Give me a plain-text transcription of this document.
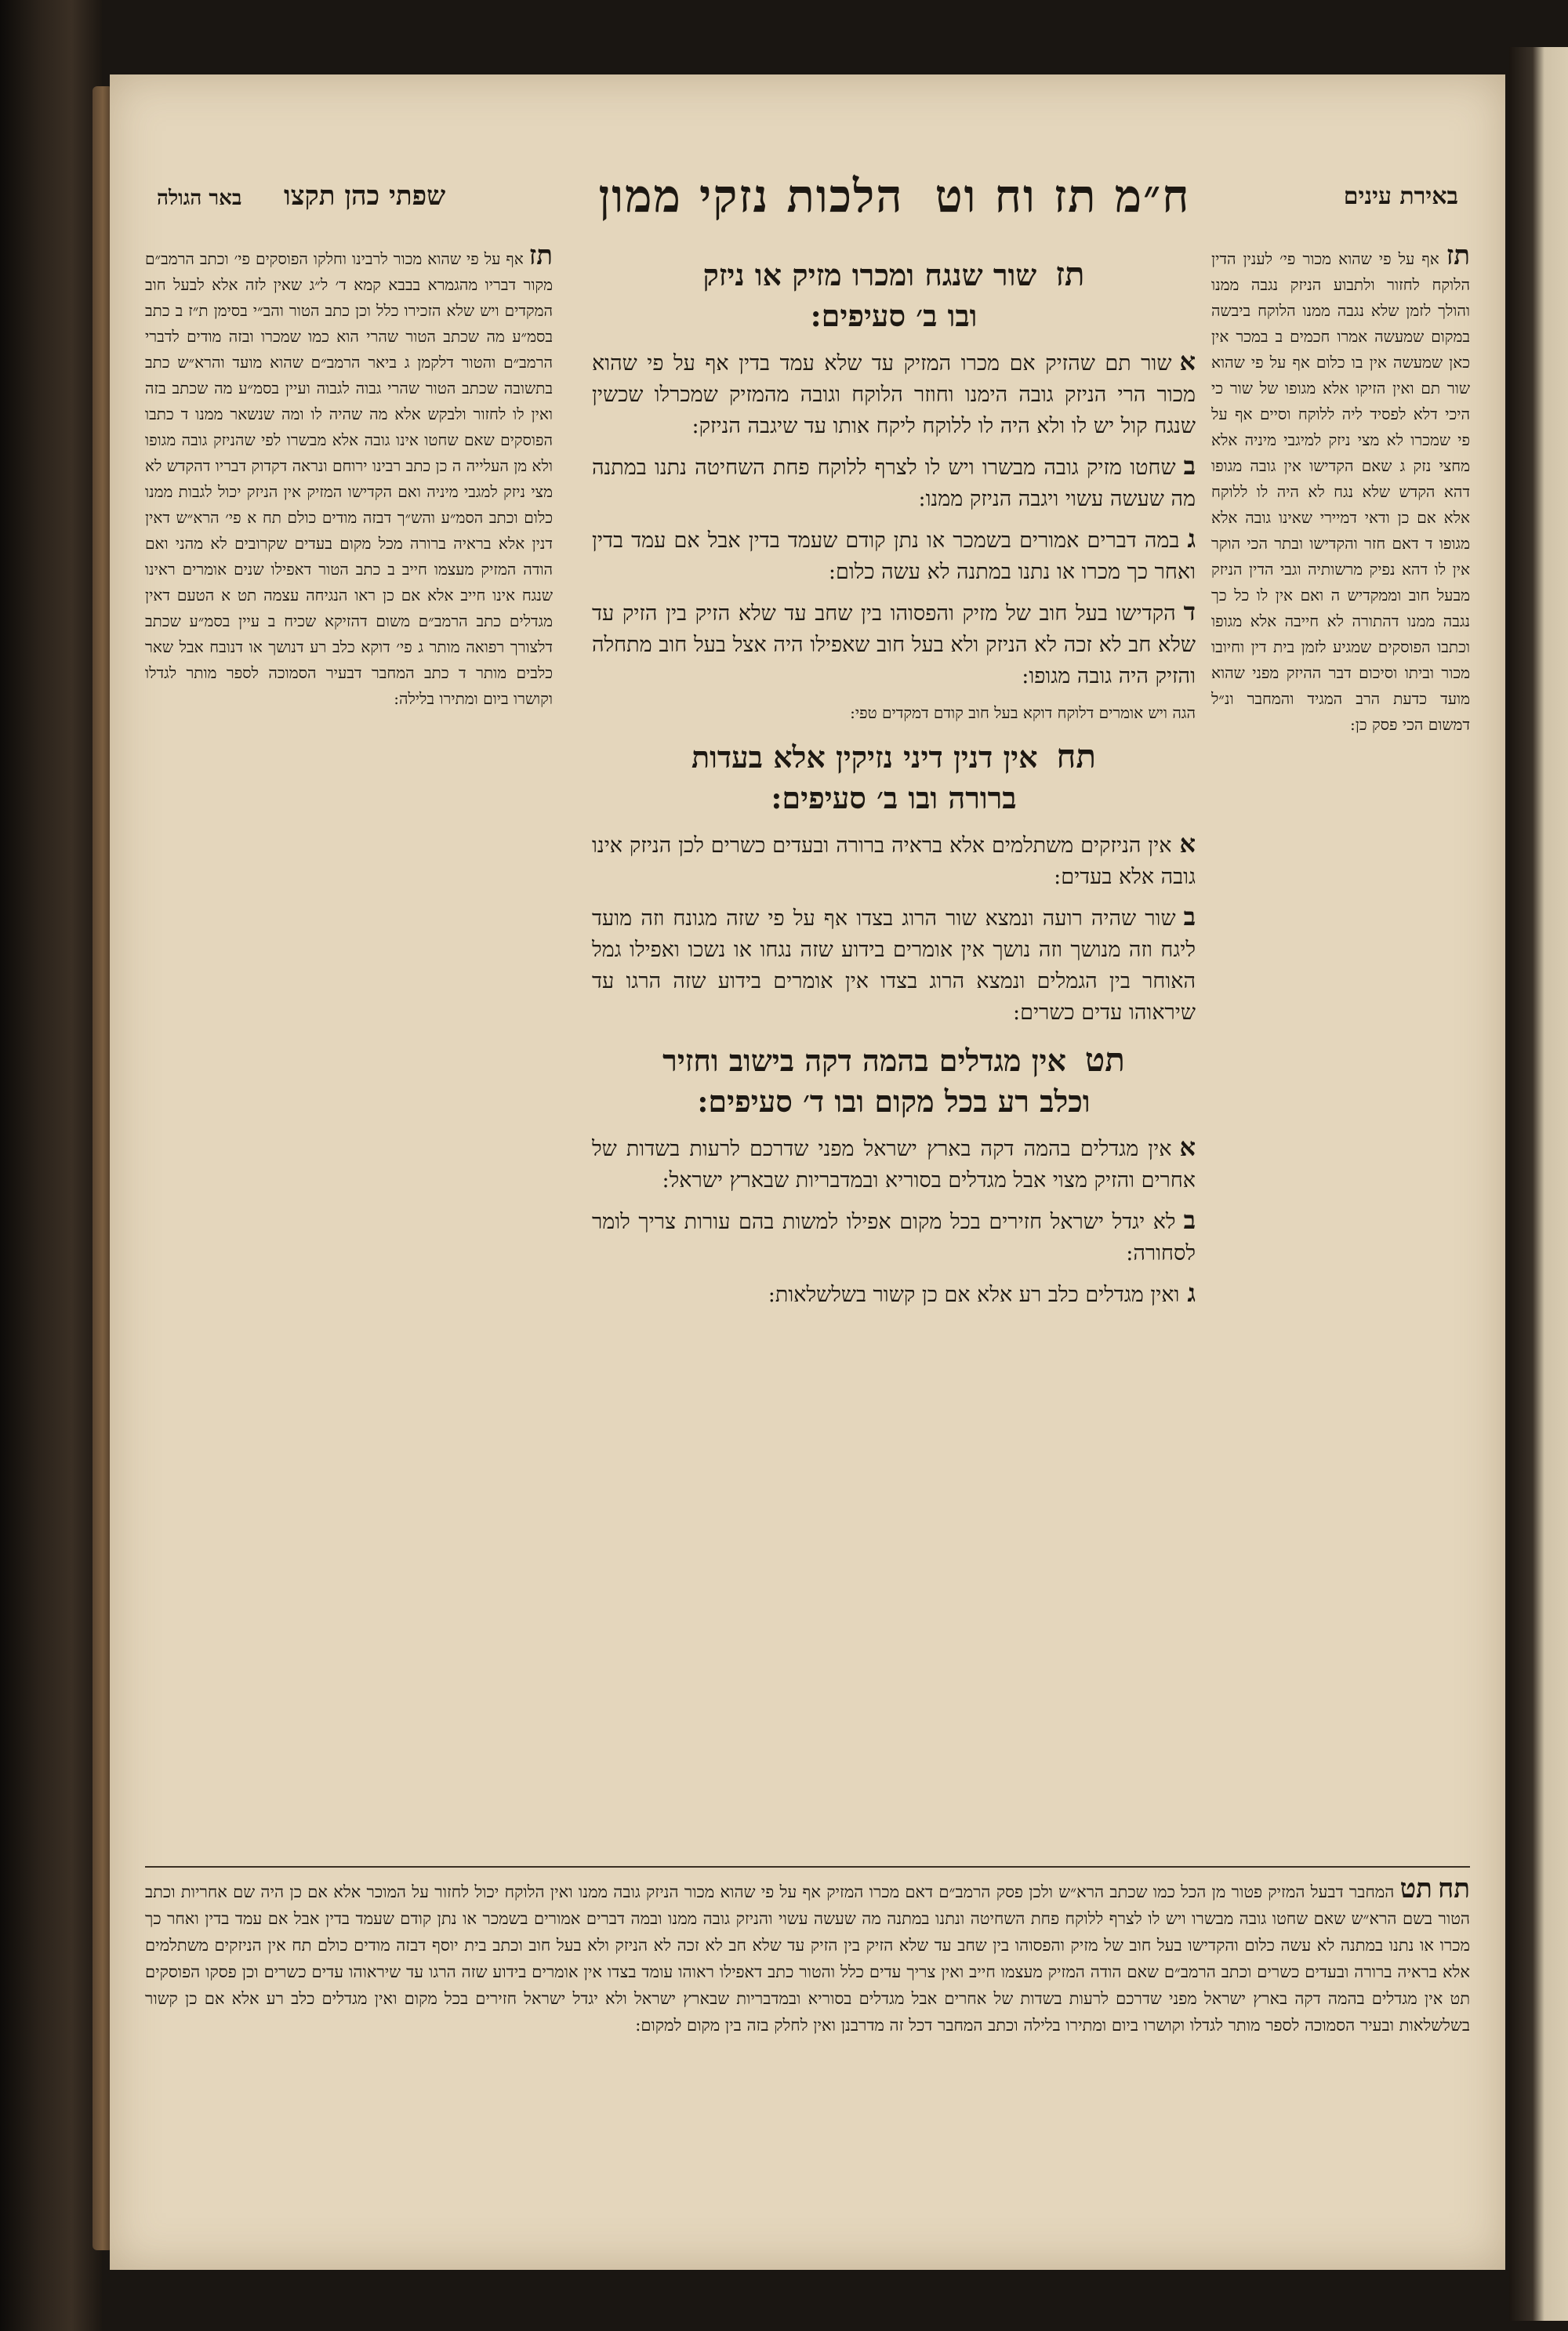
באירת עינים
ח״מ תז וח וטהלכות נזקי ממון
שפתי כהן תקצו  באר הגולה
תז אף על פי שהוא מכור פי׳ לענין הדין הלוקח לחזור ולתבוע הניזק נגבה ממנו והולך לזמן שלא נגבה ממנו הלוקח ביבשה במקום שמעשה אמרו חכמים ב במכר אין כאן שמעשה אין בו כלום אף על פי שהוא שור תם ואין הזיקו אלא מגופו של שור כי היכי דלא לפסיד ליה ללוקח וסיים אף על פי שמכרו לא מצי ניזק למיגבי מיניה אלא מחצי נזק ג שאם הקדישו אין גובה מגופו דהא הקדש שלא נגח לא היה לו ללוקח אלא אם כן ודאי דמיירי שאינו גובה אלא מגופו ד דאם חזר והקדישו ובתר הכי הוקר אין לו דהא נפיק מרשותיה וגבי הדין הניזק מבעל חוב וממקדיש ה ואם אין לו כל כך נגבה ממנו דהתורה לא חייבה אלא מגופו וכתבו הפוסקים שמגיע לזמן בית דין וחיובו מכור וביתו וסיכום דבר ההיזק מפני שהוא מועד כדעת הרב המגיד והמחבר ונ״ל דמשום הכי פסק כן:
תזשור שנגח ומכרו מזיק או ניזק
ובו ב׳ סעיפים:

אשור תם שהזיק אם מכרו המזיק עד שלא עמד בדין אף על פי שהוא מכור הרי הניזק גובה הימנו וחוזר הלוקח וגובה מהמזיק שמכרלו שכשין שנגח קול יש לו ולא היה לו ללוקח ליקח אותו עד שיגבה הניזק:

בשחטו מזיק גובה מבשרו ויש לו לצרף ללוקח פחת השחיטה נתנו במתנה מה שעשה עשוי ויגבה הניזק ממנו:

גבמה דברים אמורים בשמכר או נתן קודם שעמד בדין אבל אם עמד בדין ואחר כך מכרו או נתנו במתנה לא עשה כלום:

דהקדישו בעל חוב של מזיק והפסוהו בין שחב עד שלא הזיק בין הזיק עד שלא חב לא זכה לא הניזק ולא בעל חוב שאפילו היה אצל בעל חוב מתחלה והזיק היה גובה מגופו:

הגה ויש אומרים דלוקח דוקא בעל חוב קודם דמקדים טפי:

תחאין דנין דיני נזיקין אלא בעדות
ברורה ובו ב׳ סעיפים:

אאין הניזקים משתלמים אלא בראיה ברורה ובעדים כשרים לכן הניזק אינו גובה אלא בעדים:

בשור שהיה רועה ונמצא שור הרוג בצדו אף על פי שזה מגונח וזה מועד ליגח וזה מנושך וזה נושך אין אומרים בידוע שזה נגחו או נשכו ואפילו גמל האוחר בין הגמלים ונמצא הרוג בצדו אין אומרים בידוע שזה הרגו עד שיראוהו עדים כשרים:

תטאין מגדלים בהמה דקה בישוב וחזיר
וכלב רע בכל מקום ובו ד׳ סעיפים:

אאין מגדלים בהמה דקה בארץ ישראל מפני שדרכם לרעות בשדות של אחרים והזיק מצוי אבל מגדלים בסוריא ובמדבריות שבארץ ישראל:

בלא יגדל ישראל חזירים בכל מקום אפילו למשות בהם עורות צריך לומר לסחורה:

גואין מגדלים כלב רע אלא אם כן קשור בשלשלאות:

תז אף על פי שהוא מכור לרבינו וחלקו הפוסקים פי׳ וכתב הרמב״ם מקור דבריו מהגמרא בבבא קמא ד׳ ל״ג שאין לזה אלא לבעל חוב המקדים ויש שלא הזכירו כלל וכן כתב הטור והב״י בסימן ת״ז ב כתב בסמ״ע מה שכתב הטור שהרי הוא כמו שמכרו ובזה מודים לדברי הרמב״ם והטור דלקמן ג ביאר הרמב״ם שהוא מועד והרא״ש כתב בתשובה שכתב הטור שהרי גבוה לגבוה ועיין בסמ״ע מה שכתב בזה ואין לו לחזור ולבקש אלא מה שהיה לו ומה שנשאר ממנו ד כתבו הפוסקים שאם שחטו אינו גובה אלא מבשרו לפי שהניזק גובה מגופו ולא מן העלייה ה כן כתב רבינו ירוחם ונראה דקדוק דבריו דהקדש לא מצי ניזק למגבי מיניה ואם הקדישו המזיק אין הניזק יכול לגבות ממנו כלום וכתב הסמ״ע והש״ך דבזה מודים כולם תח א פי׳ הרא״ש דאין דנין אלא בראיה ברורה מכל מקום בעדים שקרובים לא מהני ואם הודה המזיק מעצמו חייב ב כתב הטור דאפילו שנים אומרים ראינו שנגח אינו חייב אלא אם כן ראו הנגיחה עצמה תט א הטעם דאין מגדלים כתב הרמב״ם משום דהזיקא שכיח ב עיין בסמ״ע שכתב דלצורך רפואה מותר ג פי׳ דוקא כלב רע דנושך או דנובח אבל שאר כלבים מותר ד כתב המחבר דבעיר הסמוכה לספר מותר לגדלו וקושרו ביום ומתירו בלילה:
תח תט המחבר דבעל המזיק פטור מן הכל כמו שכתב הרא״ש ולכן פסק הרמב״ם דאם מכרו המזיק אף על פי שהוא מכור הניזק גובה ממנו ואין הלוקח יכול לחזור על המוכר אלא אם כן היה שם אחריות וכתב הטור בשם הרא״ש שאם שחטו גובה מבשרו ויש לו לצרף ללוקח פחת השחיטה ונתנו במתנה מה שעשה עשוי והניזק גובה ממנו ובמה דברים אמורים בשמכר או נתן קודם שעמד בדין אבל אם עמד בדין ואחר כך מכרו או נתנו במתנה לא עשה כלום והקדישו בעל חוב של מזיק והפסוהו בין שחב עד שלא הזיק בין הזיק עד שלא חב לא זכה לא הניזק ולא בעל חוב וכתב בית יוסף דבזה מודים כולם תח אין הניזקים משתלמים אלא בראיה ברורה ובעדים כשרים וכתב הרמב״ם שאם הודה המזיק מעצמו חייב ואין צריך עדים כלל והטור כתב דאפילו ראוהו עומד בצדו אין אומרים בידוע שזה הרגו עד שיראוהו עדים כשרים וכן פסקו הפוסקים תט אין מגדלים בהמה דקה בארץ ישראל מפני שדרכם לרעות בשדות של אחרים אבל מגדלים בסוריא ובמדבריות שבארץ ישראל ולא יגדל ישראל חזירים בכל מקום ואין מגדלים כלב רע אלא אם כן קשור בשלשלאות ובעיר הסמוכה לספר מותר לגדלו וקושרו ביום ומתירו בלילה וכתב המחבר דכל זה מדרבנן ואין לחלק בזה בין מקום למקום:
